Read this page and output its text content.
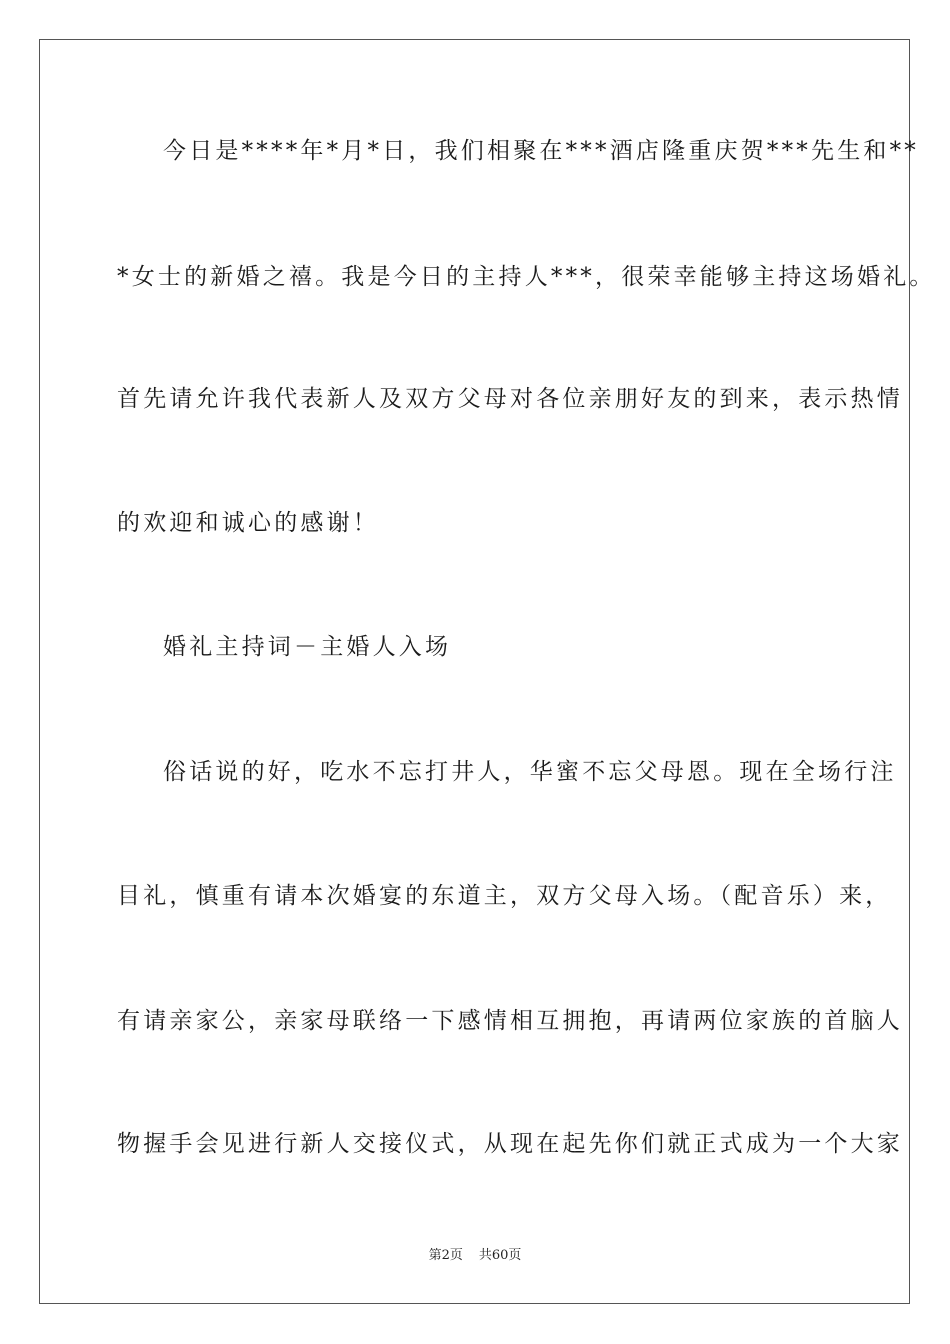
今日是****年*月*日，我们相聚在***酒店隆重庆贺***先生和**
*女士的新婚之禧。我是今日的主持人***，很荣幸能够主持这场婚礼。
首先请允许我代表新人及双方父母对各位亲朋好友的到来，表示热情
的欢迎和诚心的感谢！
婚礼主持词－主婚人入场
俗话说的好，吃水不忘打井人，华蜜不忘父母恩。现在全场行注
目礼，慎重有请本次婚宴的东道主，双方父母入场。（配音乐）来，
有请亲家公，亲家母联络一下感情相互拥抱，再请两位家族的首脑人
物握手会见进行新人交接仪式，从现在起先你们就正式成为一个大家
第2页 共60页
